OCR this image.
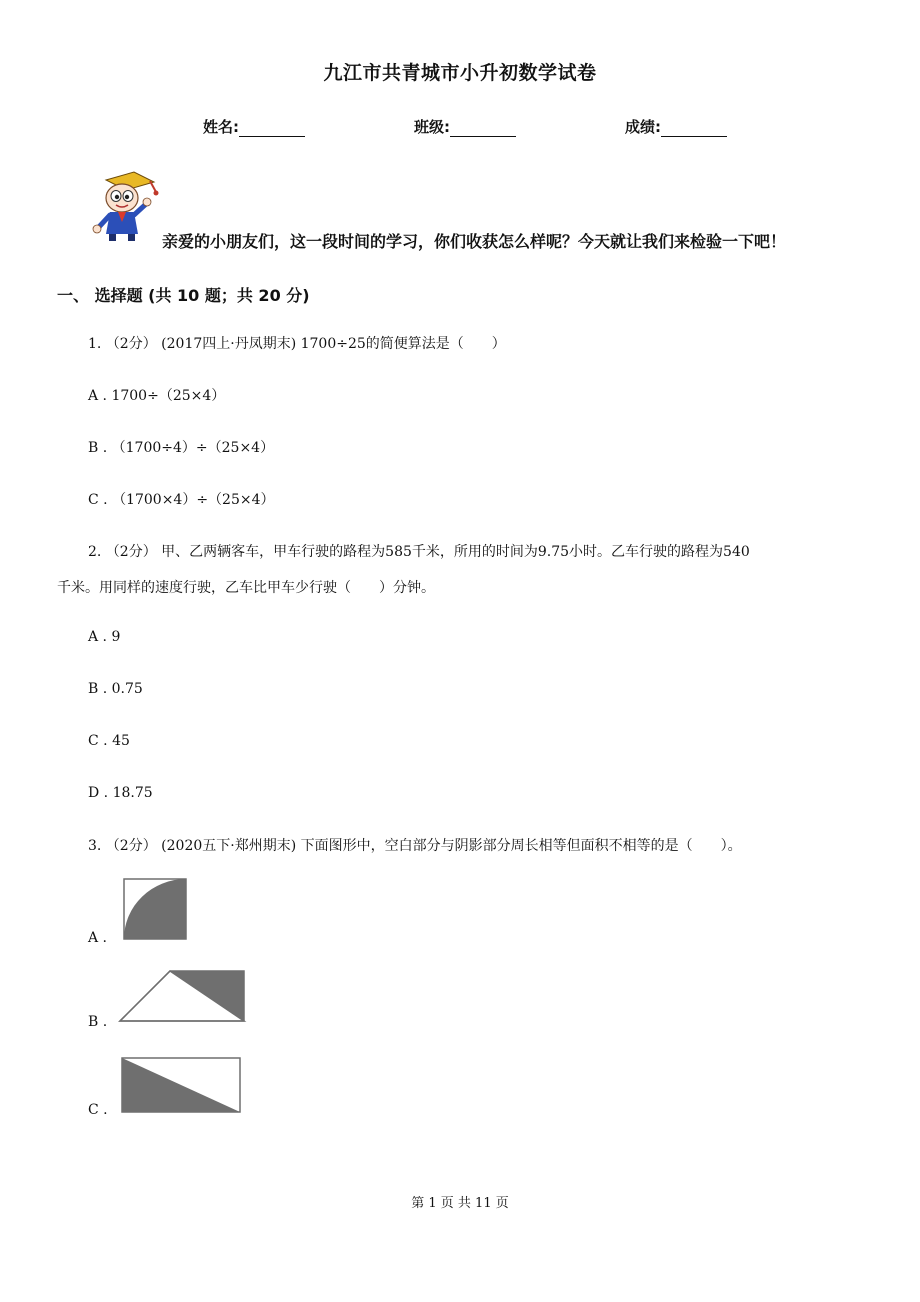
九江市共青城市小升初数学试卷
姓名:	班级:	成绩:
亲爱的小朋友们，这一段时间的学习，你们收获怎么样呢？今天就让我们来检验一下吧！
一、 选择题 (共 10 题；共 20 分)
1. （2分） (2017四上·丹凤期末) 1700÷25的简便算法是（　　）
A . 1700÷（25×4）
B . （1700÷4）÷（25×4）
C . （1700×4）÷（25×4）
2. （2分） 甲、乙两辆客车，甲车行驶的路程为585千米，所用的时间为9.75小时。乙车行驶的路程为540
千米。用同样的速度行驶，乙车比甲车少行驶（　　）分钟。
A . 9
B . 0.75
C . 45
D . 18.75
3. （2分） (2020五下·郑州期末) 下面图形中，空白部分与阴影部分周长相等但面积不相等的是（　　）。
A .
B .
C .
第 1 页 共 11 页
